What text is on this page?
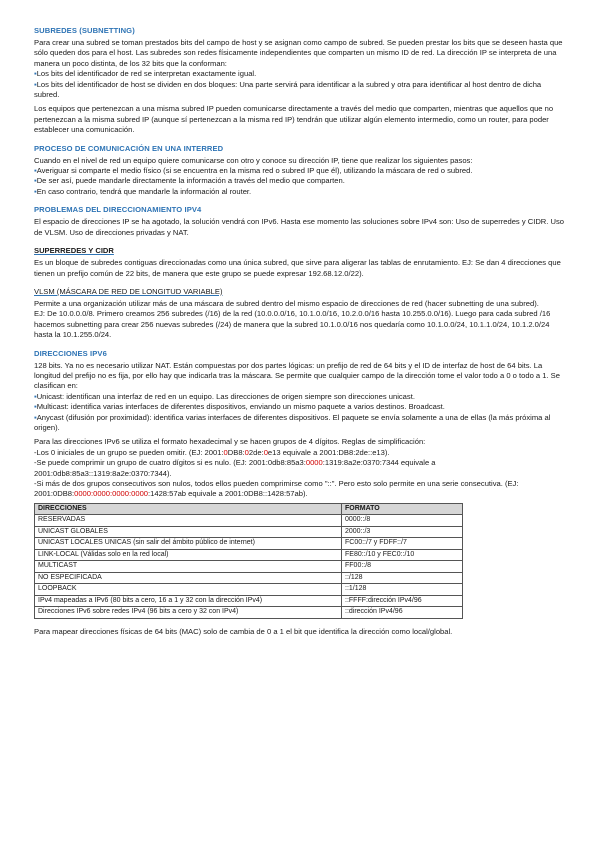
SUBREDES (SUBNETTING)

Para crear una subred se toman prestados bits del campo de host y se asignan como campo de subred. Se pueden prestar los bits que se deseen hasta que sólo queden dos para el host. Las subredes son redes físicamente independientes que comparten un mismo ID de red. La dirección IP se interpreta de una manera un poco distinta, de los 32 bits que la conforman:

▪Los bits del identificador de red se interpretan exactamente igual.
▪Los bits del identificador de host se dividen en dos bloques: Una parte servirá para identificar a la subred y otra para identificar al host dentro de dicha subred.

Los equipos que pertenezcan a una misma subred IP pueden comunicarse directamente a través del medio que comparten, mientras que aquellos que no pertenezcan a la misma subred IP (aunque sí pertenezcan a la misma red IP) tendrán que utilizar algún elemento intermedio, como un router, para poder establecer una comunicación.

PROCESO DE COMUNICACIÓN EN UNA INTERRED

Cuando en el nivel de red un equipo quiere comunicarse con otro y conoce su dirección IP, tiene que realizar los siguientes pasos:

▪Averiguar si comparte el medio físico (si se encuentra en la misma red o subred IP que él), utilizando la máscara de red o subred.
▪De ser así, puede mandarle directamente la información a través del medio que comparten.
▪En caso contrario, tendrá que mandarle la información al router.
PROBLEMAS DEL DIRECCIONAMIENTO IPV4

El espacio de direcciones IP se ha agotado, la solución vendrá con IPv6. Hasta ese momento las soluciones sobre IPv4 son: Uso de superredes y CIDR. Uso de VLSM. Uso de direcciones privadas y NAT.

SUPERREDES Y CIDR

Es un bloque de subredes contiguas direccionadas como una única subred, que sirve para aligerar las tablas de enrutamiento. EJ: Se dan 4 direcciones que tienen un prefijo común de 22 bits, de manera que este grupo se puede expresar 192.68.12.0/22).

VLSM (MÁSCARA DE RED DE LONGITUD VARIABLE)

Permite a una organización utilizar más de una máscara de subred dentro del mismo espacio de direcciones de red (hacer subnetting de una subred).

EJ: De 10.0.0.0/8. Primero creamos 256 subredes (/16) de la red (10.0.0.0/16, 10.1.0.0/16, 10.2.0.0/16 hasta 10.255.0.0/16). Luego para cada subred /16 hacemos subnetting para crear 256 nuevas subredes (/24) de manera que la subred 10.1.0.0/16 nos quedaría como 10.1.0.0/24, 10.1.1.0/24, 10.1.2.0/24 hasta la 10.1.255.0/24.

DIRECCIONES IPV6

128 bits. Ya no es necesario utilizar NAT. Están compuestas por dos partes lógicas: un prefijo de red de 64 bits y el ID de interfaz de host de 64 bits. La longitud del prefijo no es fija, por ello hay que indicarla tras la máscara. Se permite que cualquier campo de la dirección tome el valor todo a 0 o todo a 1. Se clasifican en:

▪Unicast: identifican una interfaz de red en un equipo. Las direcciones de origen siempre son direcciones unicast.
▪Multicast: identifica varias interfaces de diferentes dispositivos, enviando un mismo paquete a varios destinos. Broadcast.
▪Anycast (difusión por proximidad): identifica varias interfaces de diferentes dispositivos. El paquete se envía solamente a una de ellas (la más próxima al origen).

Para las direcciones IPv6 se utiliza el formato hexadecimal y se hacen grupos de 4 dígitos. Reglas de simplificación:

-Los 0 iniciales de un grupo se pueden omitir. (EJ: 2001:0DB8:02de:0e13 equivale a 2001:DB8:2de::e13).

-Se puede comprimir un grupo de cuatro dígitos si es nulo. (EJ: 2001:0db8:85a3:0000:1319:8a2e:0370:7344 equivale a 2001:0db8:85a3::1319:8a2e:0370:7344).

-Si más de dos grupos consecutivos son nulos, todos ellos pueden comprimirse como "::". Pero esto solo permite en una serie consecutiva. (EJ: 2001:0DB8:0000:0000:0000:0000:1428:57ab equivale a 2001:0DB8::1428:57ab).

DIRECCIONES	FORMATO
RESERVADAS	0000::/8
UNICAST GLOBALES	2000::/3
UNICAST LOCALES UNICAS (sin salir del ámbito público de internet)	FC00::/7 y FDFF::/7
LINK-LOCAL (Válidas solo en la red local)	FE80::/10 y FEC0::/10
MULTICAST	FF00::/8
NO ESPECIFICADA	::/128
LOOPBACK	::1/128
IPv4 mapeadas a IPv6 (80 bits a cero, 16 a 1 y 32 con la dirección IPv4)	::FFFF:dirección IPv4/96
Direcciones IPv6 sobre redes IPv4 (96 bits a cero y 32 con IPv4)	::dirección IPv4/96

Para mapear direcciones físicas de 64 bits (MAC) solo de cambia de 0 a 1 el bit que identifica la dirección como local/global.
